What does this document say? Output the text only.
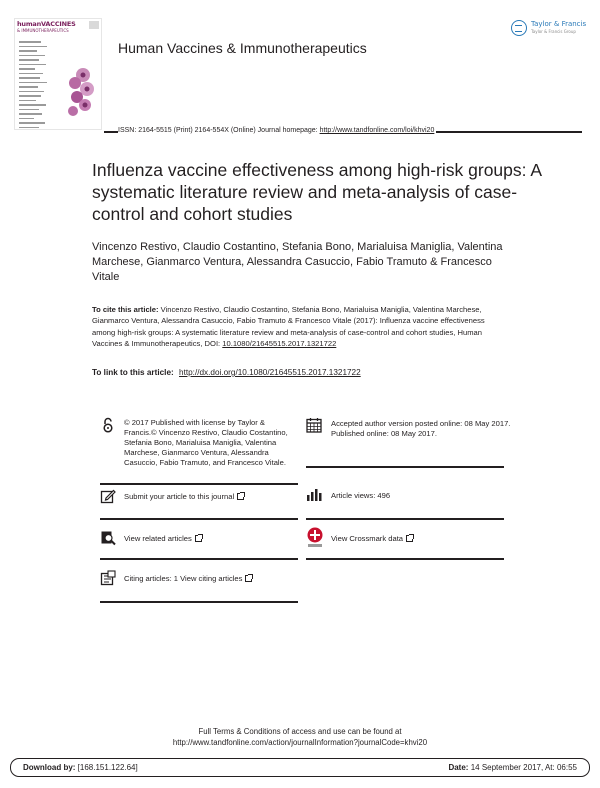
humanVACCINES
& IMMUNOTHERAPEUTICS
Taylor & Francis
Taylor & Francis Group
Human Vaccines & Immunotherapeutics
ISSN: 2164-5515 (Print) 2164-554X (Online) Journal homepage: http://www.tandfonline.com/loi/khvi20
Influenza vaccine effectiveness among high-risk groups: A systematic literature review and meta-analysis of case-control and cohort studies
Vincenzo Restivo, Claudio Costantino, Stefania Bono, Marialuisa Maniglia, Valentina Marchese, Gianmarco Ventura, Alessandra Casuccio, Fabio Tramuto & Francesco Vitale
To cite this article: Vincenzo Restivo, Claudio Costantino, Stefania Bono, Marialuisa Maniglia, Valentina Marchese, Gianmarco Ventura, Alessandra Casuccio, Fabio Tramuto & Francesco Vitale (2017): Influenza vaccine effectiveness among high-risk groups: A systematic literature review and meta-analysis of case-control and cohort studies, Human Vaccines & Immunotherapeutics, DOI: 10.1080/21645515.2017.1321722
To link to this article: http://dx.doi.org/10.1080/21645515.2017.1321722
© 2017 Published with license by Taylor & Francis.© Vincenzo Restivo, Claudio Costantino, Stefania Bono, Marialuisa Maniglia, Valentina Marchese, Gianmarco Ventura, Alessandra Casuccio, Fabio Tramuto, and Francesco Vitale.
Submit your article to this journal
View related articles
Citing articles: 1 View citing articles
Accepted author version posted online: 08 May 2017.
Published online: 08 May 2017.
Article views: 496
View Crossmark data
Full Terms & Conditions of access and use can be found at
http://www.tandfonline.com/action/journalInformation?journalCode=khvi20
Download by: [168.151.122.64]	Date: 14 September 2017, At: 06:55
